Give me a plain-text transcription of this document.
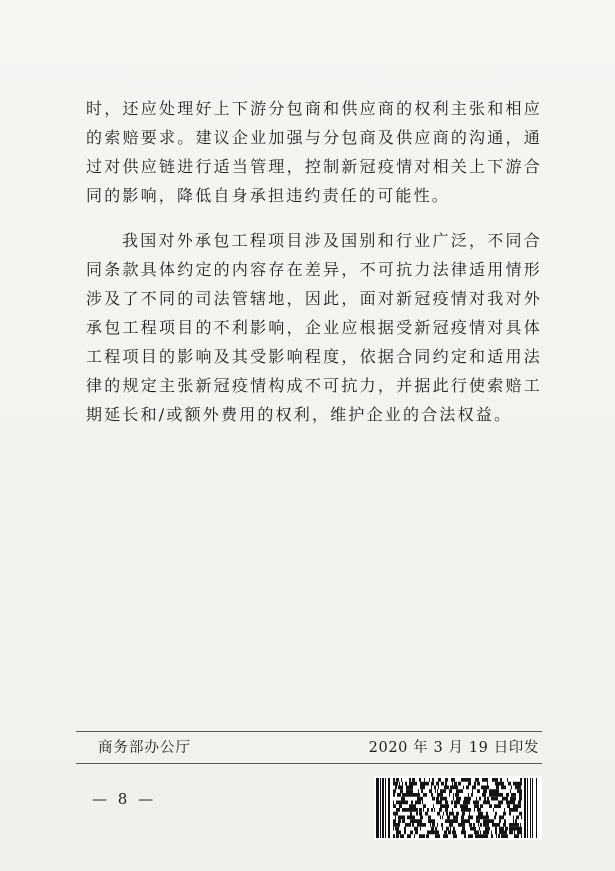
时，还应处理好上下游分包商和供应商的权利主张和相应的索赔要求。建议企业加强与分包商及供应商的沟通，通过对供应链进行适当管理，控制新冠疫情对相关上下游合同的影响，降低自身承担违约责任的可能性。

我国对外承包工程项目涉及国别和行业广泛，不同合同条款具体约定的内容存在差异，不可抗力法律适用情形涉及了不同的司法管辖地，因此，面对新冠疫情对我对外承包工程项目的不利影响，企业应根据受新冠疫情对具体工程项目的影响及其受影响程度，依据合同约定和适用法律的规定主张新冠疫情构成不可抗力，并据此行使索赔工期延长和/或额外费用的权利，维护企业的合法权益。

商务部办公厅	2020 年 3 月 19 日印发
— 8 —
